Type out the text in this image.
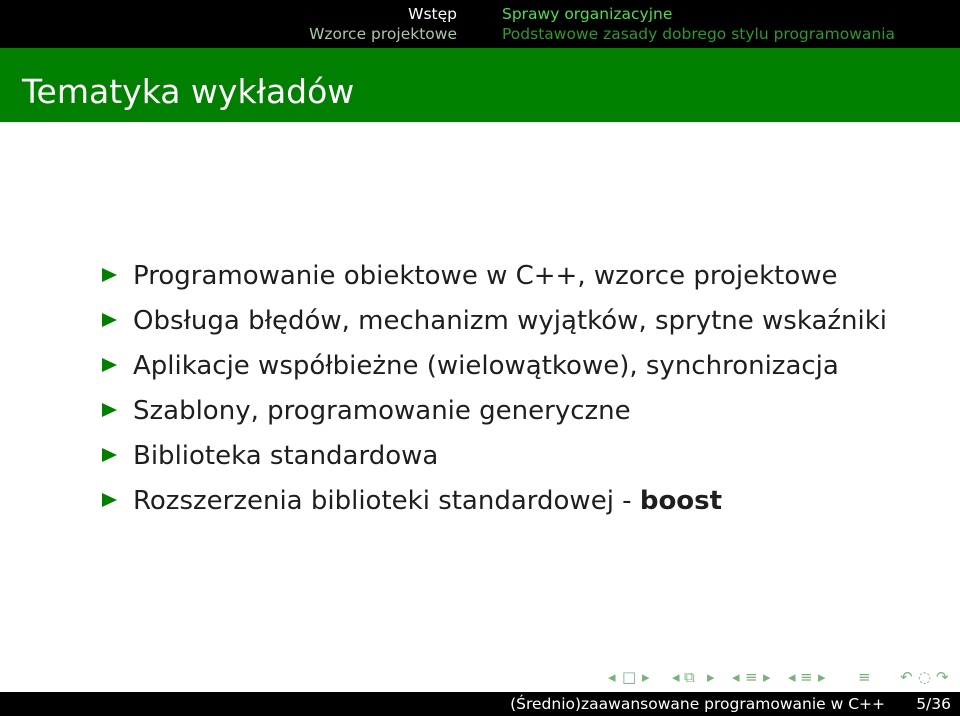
Wstęp
Wzorce projektowe
Sprawy organizacyjne
Podstawowe zasady dobrego stylu programowania
Tematyka wykładów
Programowanie obiektowe w C++, wzorce projektowe
Obsługa błędów, mechanizm wyjątków, sprytne wskaźniki
Aplikacje współbieżne (wielowątkowe), synchronizacja
Szablony, programowanie generyczne
Biblioteka standardowa
Rozszerzenia biblioteki standardowej - boost
◂ □ ▸ ◂ ⧉ ▸ ◂ ≡ ▸ ◂ ≡ ▸ ≡ ↶ ◌ ↷
(Średnio)zaawansowane programowanie w C++ 5/36
